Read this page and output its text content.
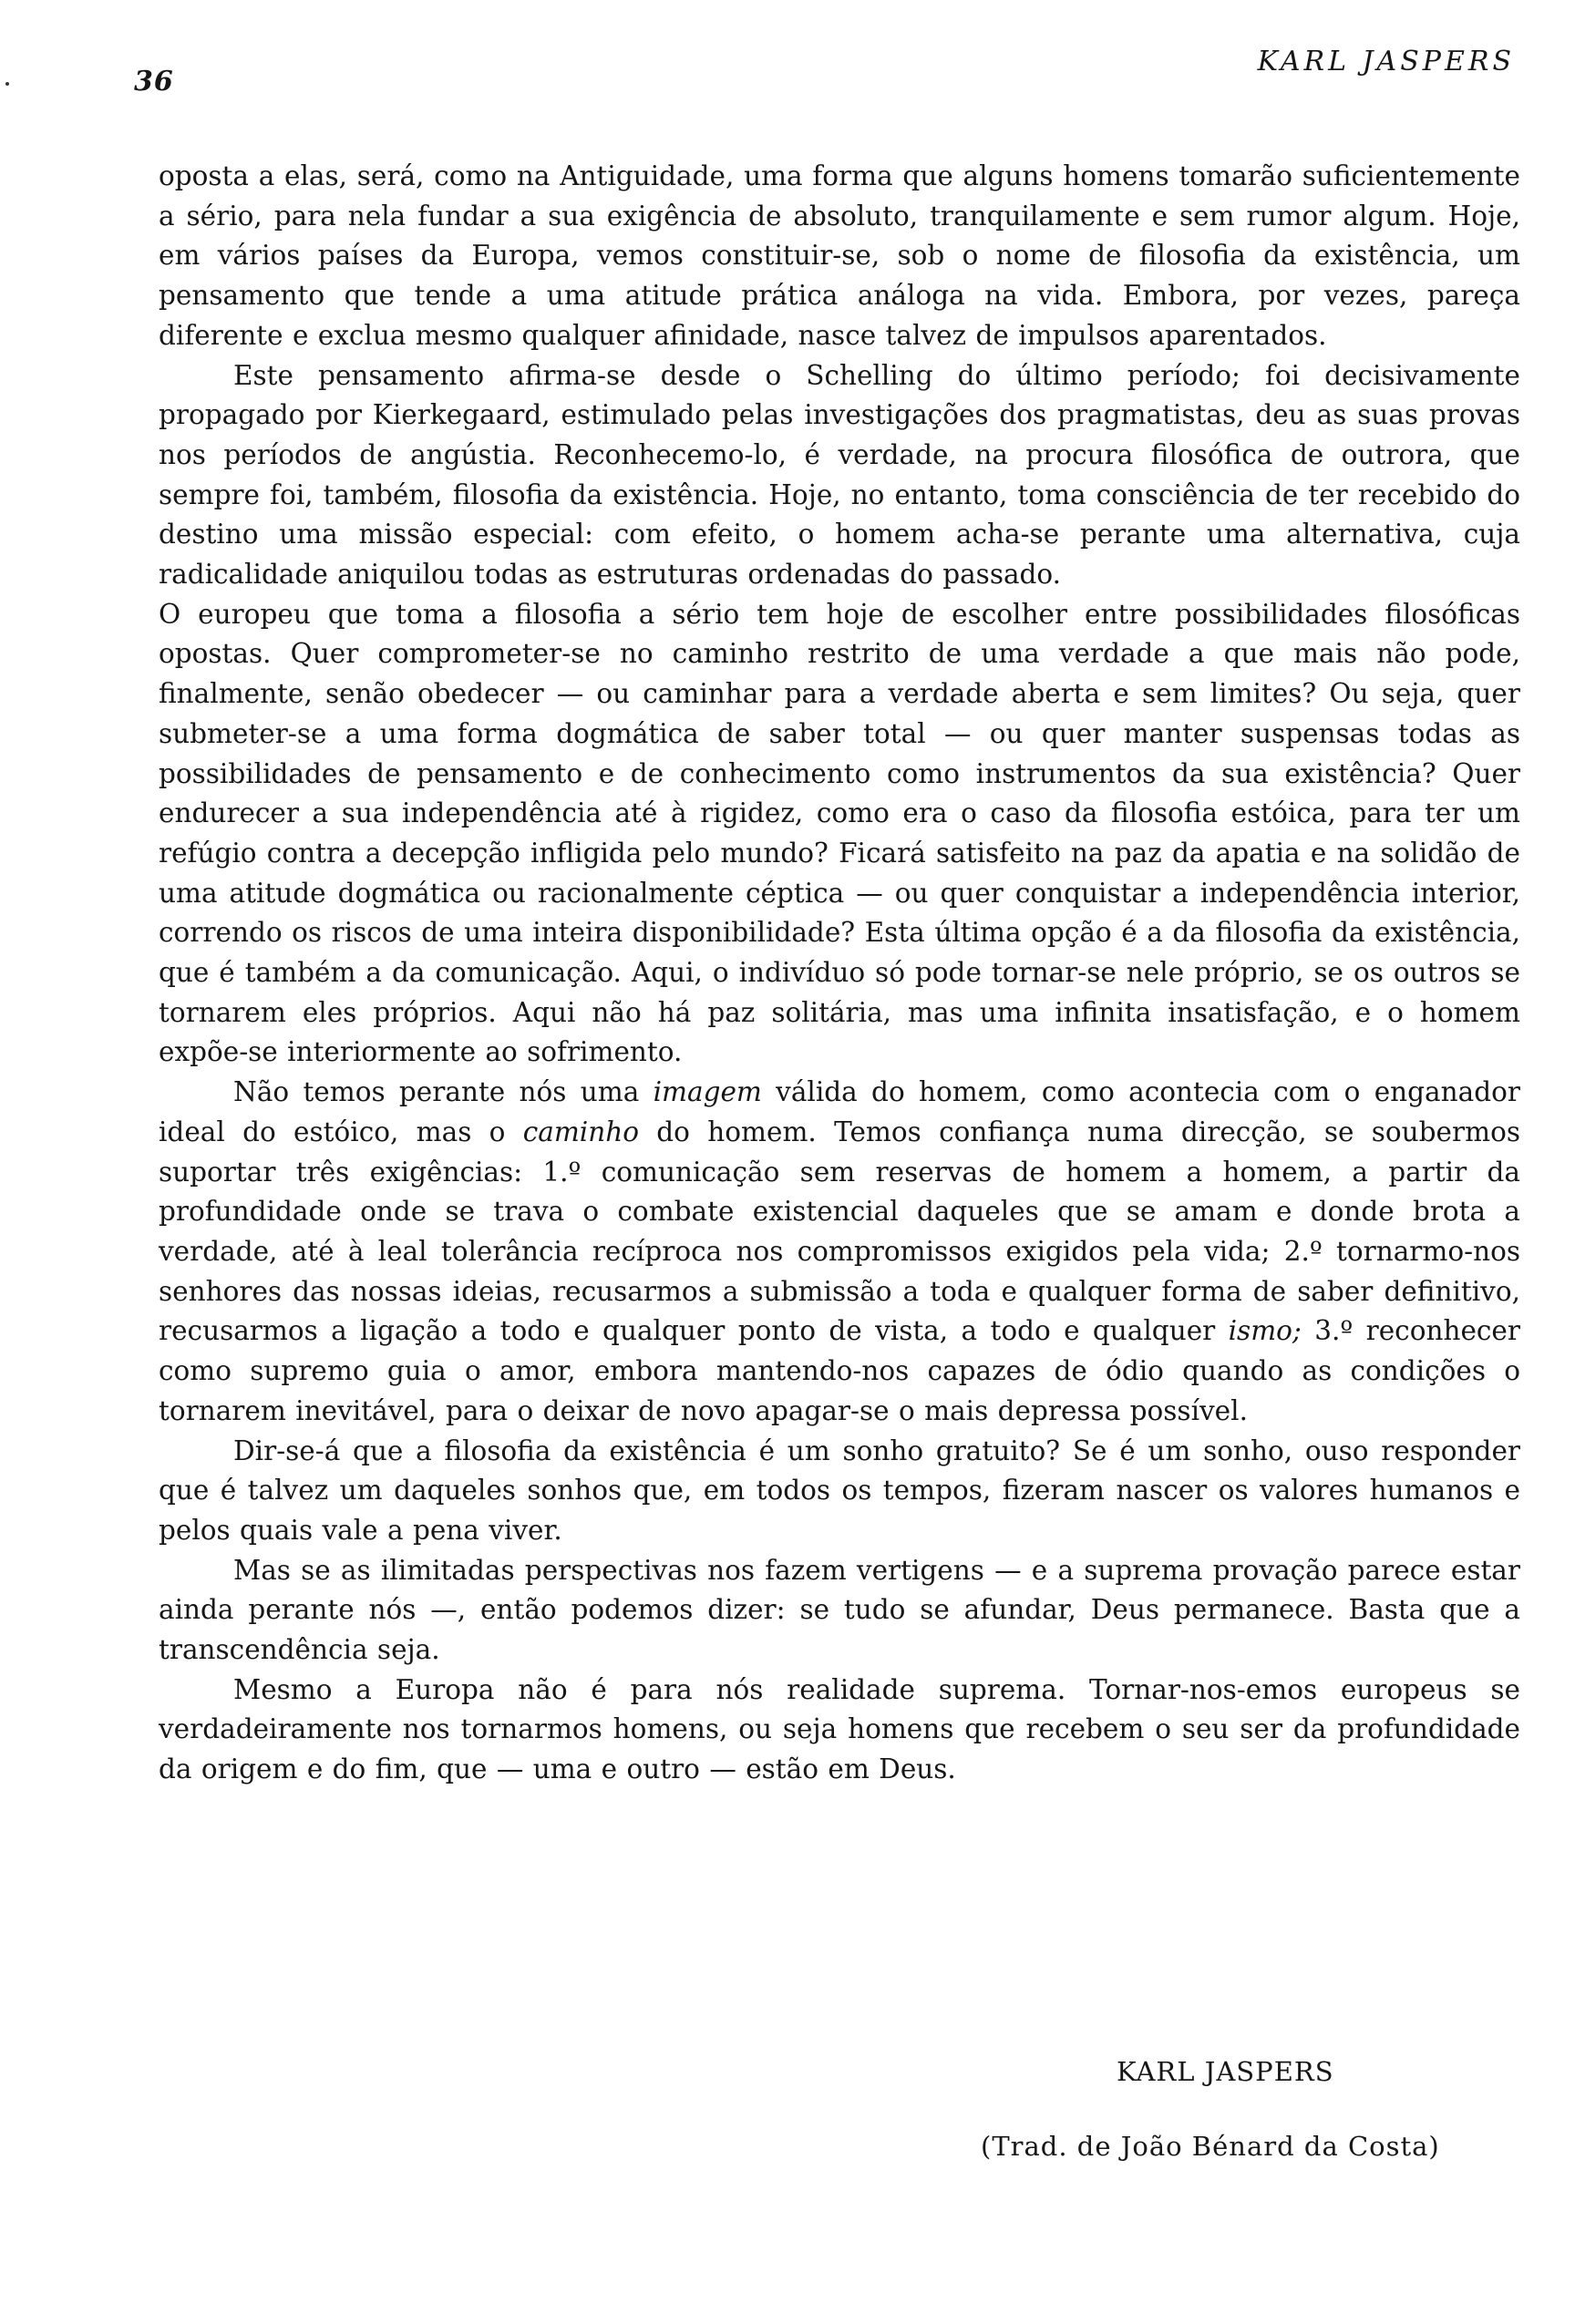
36
KARL JASPERS

oposta a elas, será, como na Antiguidade, uma forma que alguns homens tomarão suficientemente a sério, para nela fundar a sua exigência de absoluto, tranquilamente e sem rumor algum. Hoje, em vários países da Europa, vemos constituir-se, sob o nome de filosofia da existência, um pensamento que tende a uma atitude prática análoga na vida. Embora, por vezes, pareça diferente e exclua mesmo qualquer afinidade, nasce talvez de impulsos aparentados.

Este pensamento afirma-se desde o Schelling do último período; foi decisivamente propagado por Kierkegaard, estimulado pelas investigações dos pragmatistas, deu as suas provas nos períodos de angústia. Reconhecemo-lo, é verdade, na procura filosófica de outrora, que sempre foi, também, filosofia da existência. Hoje, no entanto, toma consciência de ter recebido do destino uma missão especial: com efeito, o homem acha-se perante uma alternativa, cuja radicalidade aniquilou todas as estruturas ordenadas do passado.

O europeu que toma a filosofia a sério tem hoje de escolher entre possibilidades filosóficas opostas. Quer comprometer-se no caminho restrito de uma verdade a que mais não pode, finalmente, senão obedecer — ou caminhar para a verdade aberta e sem limites? Ou seja, quer submeter-se a uma forma dogmática de saber total — ou quer manter suspensas todas as possibilidades de pensamento e de conhecimento como instrumentos da sua existência? Quer endurecer a sua independência até à rigidez, como era o caso da filosofia estóica, para ter um refúgio contra a decepção infligida pelo mundo? Ficará satisfeito na paz da apatia e na solidão de uma atitude dogmática ou racionalmente céptica — ou quer conquistar a independência interior, correndo os riscos de uma inteira disponibilidade? Esta última opção é a da filosofia da existência, que é também a da comunicação. Aqui, o indivíduo só pode tornar-se nele próprio, se os outros se tornarem eles próprios. Aqui não há paz solitária, mas uma infinita insatisfação, e o homem expõe-se interiormente ao sofrimento.

Não temos perante nós uma imagem válida do homem, como acontecia com o enganador ideal do estóico, mas o caminho do homem. Temos confiança numa direcção, se soubermos suportar três exigências: 1.º comunicação sem reservas de homem a homem, a partir da profundidade onde se trava o combate existencial daqueles que se amam e donde brota a verdade, até à leal tolerância recíproca nos compromissos exigidos pela vida; 2.º tornarmo-nos senhores das nossas ideias, recusarmos a submissão a toda e qualquer forma de saber definitivo, recusarmos a ligação a todo e qualquer ponto de vista, a todo e qualquer ismo; 3.º reconhecer como supremo guia o amor, embora mantendo-nos capazes de ódio quando as condições o tornarem inevitável, para o deixar de novo apagar-se o mais depressa possível.

Dir-se-á que a filosofia da existência é um sonho gratuito? Se é um sonho, ouso responder que é talvez um daqueles sonhos que, em todos os tempos, fizeram nascer os valores humanos e pelos quais vale a pena viver.

Mas se as ilimitadas perspectivas nos fazem vertigens — e a suprema provação parece estar ainda perante nós —, então podemos dizer: se tudo se afundar, Deus permanece. Basta que a transcendência seja.

Mesmo a Europa não é para nós realidade suprema. Tornar-nos-emos europeus se verdadeiramente nos tornarmos homens, ou seja homens que recebem o seu ser da profundidade da origem e do fim, que — uma e outro — estão em Deus.

KARL JASPERS
(Trad. de João Bénard da Costa)
